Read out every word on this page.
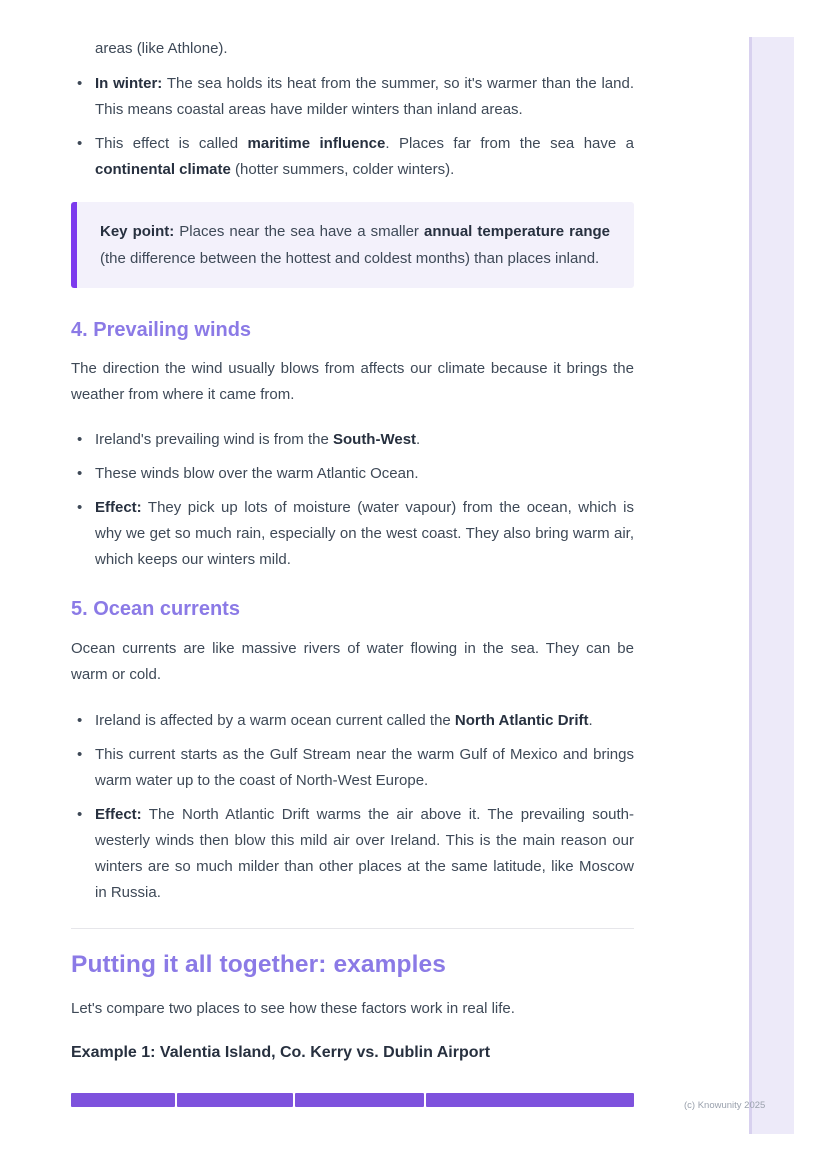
(c) Knowunity 2025

areas (like Athlone).

• In winter: The sea holds its heat from the summer, so it's warmer than the land. This means coastal areas have milder winters than inland areas.
• This effect is called maritime influence. Places far from the sea have a continental climate (hotter summers, colder winters).

Key point: Places near the sea have a smaller annual temperature range (the difference between the hottest and coldest months) than places inland.

4. Prevailing winds

The direction the wind usually blows from affects our climate because it brings the weather from where it came from.

• Ireland's prevailing wind is from the South-West.
• These winds blow over the warm Atlantic Ocean.
• Effect: They pick up lots of moisture (water vapour) from the ocean, which is why we get so much rain, especially on the west coast. They also bring warm air, which keeps our winters mild.
5. Ocean currents

Ocean currents are like massive rivers of water flowing in the sea. They can be warm or cold.

• Ireland is affected by a warm ocean current called the North Atlantic Drift.
• This current starts as the Gulf Stream near the warm Gulf of Mexico and brings warm water up to the coast of North-West Europe.
• Effect: The North Atlantic Drift warms the air above it. The prevailing south-westerly winds then blow this mild air over Ireland. This is the main reason our winters are so much milder than other places at the same latitude, like Moscow in Russia.
Putting it all together: examples

Let's compare two places to see how these factors work in real life.

Example 1: Valentia Island, Co. Kerry vs. Dublin Airport
